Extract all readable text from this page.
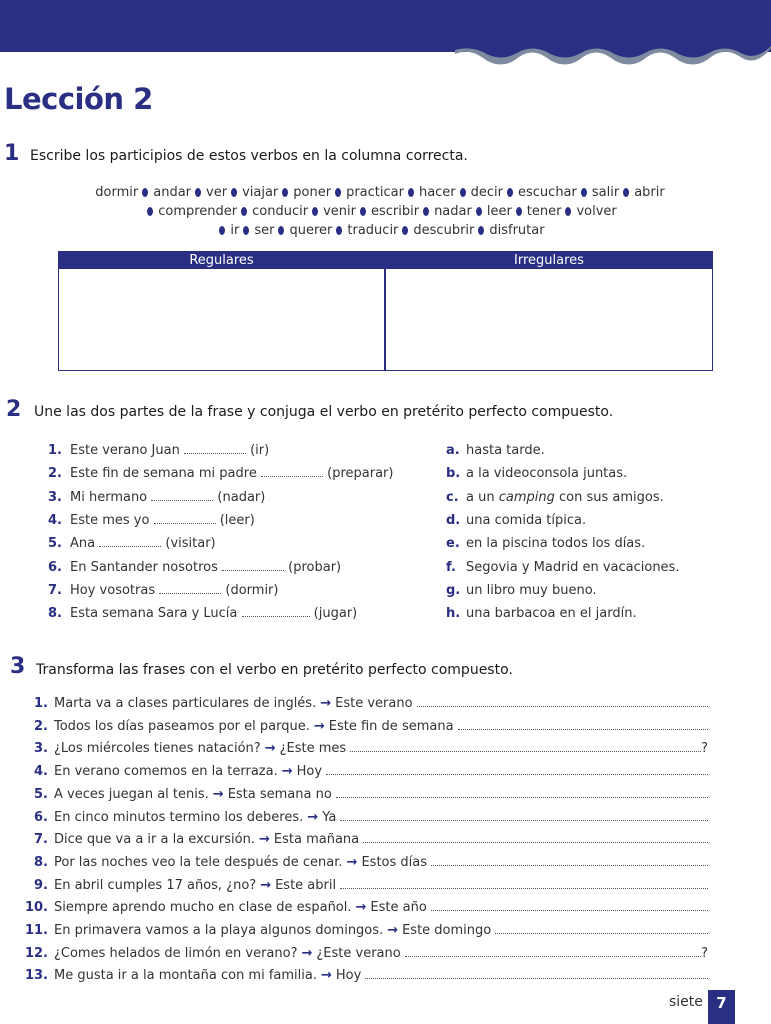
Lección 2
1 Escribe los participios de estos verbos en la columna correcta.
dormir andar ver viajar poner practicar hacer decir escuchar salir abrir
comprender conducir venir escribir nadar leer tener volver
ir ser querer traducir descubrir disfrutar
Regulares	Irregulares
2 Une las dos partes de la frase y conjuga el verbo en pretérito perfecto compuesto.
1. Este verano Juan	(ir)
2. Este fin de semana mi padre	(preparar)
3. Mi hermano	(nadar)
4. Este mes yo	(leer)
5. Ana	(visitar)
6. En Santander nosotros	(probar)
7. Hoy vosotras	(dormir)
8. Esta semana Sara y Lucía	(jugar)
a. hasta tarde.
b. a la videoconsola juntas.
c. a un camping con sus amigos.
d. una comida típica.
e. en la piscina todos los días.
f. Segovia y Madrid en vacaciones.
g. un libro muy bueno.
h. una barbacoa en el jardín.
3 Transforma las frases con el verbo en pretérito perfecto compuesto.
1. Marta va a clases particulares de inglés. → Este verano
2. Todos los días paseamos por el parque. → Este fin de semana
3. ¿Los miércoles tienes natación? → ¿Este mes	?
4. En verano comemos en la terraza. → Hoy
5. A veces juegan al tenis. → Esta semana no
6. En cinco minutos termino los deberes. → Ya
7. Dice que va a ir a la excursión. → Esta mañana
8. Por las noches veo la tele después de cenar. → Estos días
9. En abril cumples 17 años, ¿no? → Este abril
10. Siempre aprendo mucho en clase de español. → Este año
11. En primavera vamos a la playa algunos domingos. → Este domingo
12. ¿Comes helados de limón en verano? → ¿Este verano	?
13. Me gusta ir a la montaña con mi familia. → Hoy
siete 7
